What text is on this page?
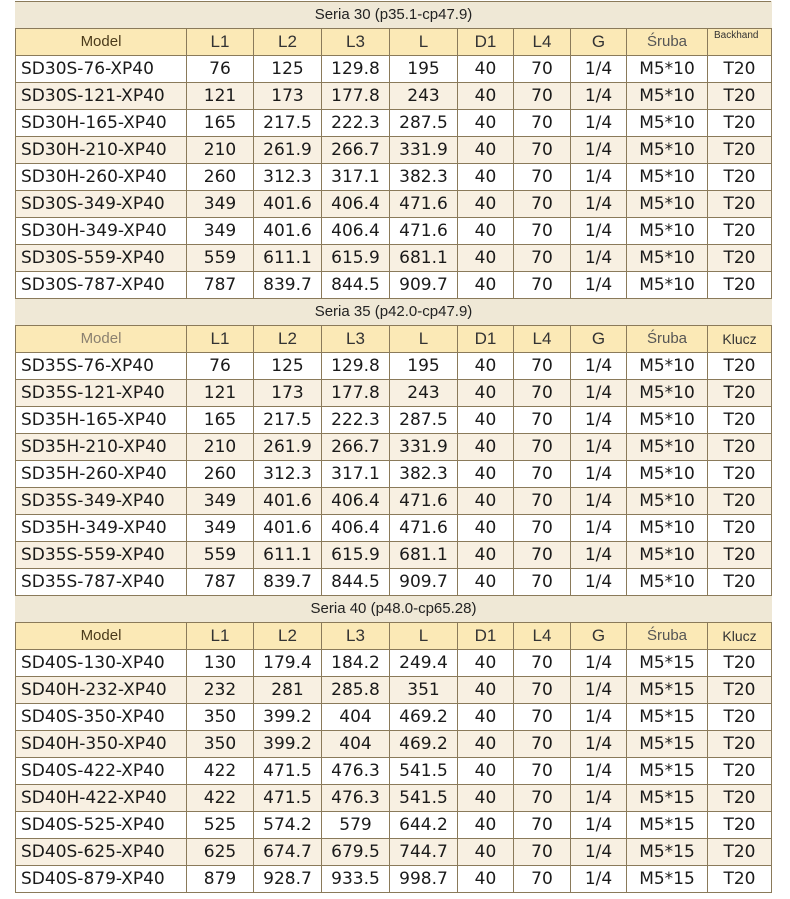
Seria 30 (p35.1-cp47.9)									
Model	L1	L2	L3	L	D1	L4	G	Śruba	Backhand
SD30S-76-XP40	76	125	129.8	195	40	70	1/4	M5*10	T20
SD30S-121-XP40	121	173	177.8	243	40	70	1/4	M5*10	T20
SD30H-165-XP40	165	217.5	222.3	287.5	40	70	1/4	M5*10	T20
SD30H-210-XP40	210	261.9	266.7	331.9	40	70	1/4	M5*10	T20
SD30H-260-XP40	260	312.3	317.1	382.3	40	70	1/4	M5*10	T20
SD30S-349-XP40	349	401.6	406.4	471.6	40	70	1/4	M5*10	T20
SD30H-349-XP40	349	401.6	406.4	471.6	40	70	1/4	M5*10	T20
SD30S-559-XP40	559	611.1	615.9	681.1	40	70	1/4	M5*10	T20
SD30S-787-XP40	787	839.7	844.5	909.7	40	70	1/4	M5*10	T20
Seria 35 (p42.0-cp47.9)									
Model	L1	L2	L3	L	D1	L4	G	Śruba	Klucz
SD35S-76-XP40	76	125	129.8	195	40	70	1/4	M5*10	T20
SD35S-121-XP40	121	173	177.8	243	40	70	1/4	M5*10	T20
SD35H-165-XP40	165	217.5	222.3	287.5	40	70	1/4	M5*10	T20
SD35H-210-XP40	210	261.9	266.7	331.9	40	70	1/4	M5*10	T20
SD35H-260-XP40	260	312.3	317.1	382.3	40	70	1/4	M5*10	T20
SD35S-349-XP40	349	401.6	406.4	471.6	40	70	1/4	M5*10	T20
SD35H-349-XP40	349	401.6	406.4	471.6	40	70	1/4	M5*10	T20
SD35S-559-XP40	559	611.1	615.9	681.1	40	70	1/4	M5*10	T20
SD35S-787-XP40	787	839.7	844.5	909.7	40	70	1/4	M5*10	T20
Seria 40 (p48.0-cp65.28)									
Model	L1	L2	L3	L	D1	L4	G	Śruba	Klucz
SD40S-130-XP40	130	179.4	184.2	249.4	40	70	1/4	M5*15	T20
SD40H-232-XP40	232	281	285.8	351	40	70	1/4	M5*15	T20
SD40S-350-XP40	350	399.2	404	469.2	40	70	1/4	M5*15	T20
SD40H-350-XP40	350	399.2	404	469.2	40	70	1/4	M5*15	T20
SD40S-422-XP40	422	471.5	476.3	541.5	40	70	1/4	M5*15	T20
SD40H-422-XP40	422	471.5	476.3	541.5	40	70	1/4	M5*15	T20
SD40S-525-XP40	525	574.2	579	644.2	40	70	1/4	M5*15	T20
SD40S-625-XP40	625	674.7	679.5	744.7	40	70	1/4	M5*15	T20
SD40S-879-XP40	879	928.7	933.5	998.7	40	70	1/4	M5*15	T20
